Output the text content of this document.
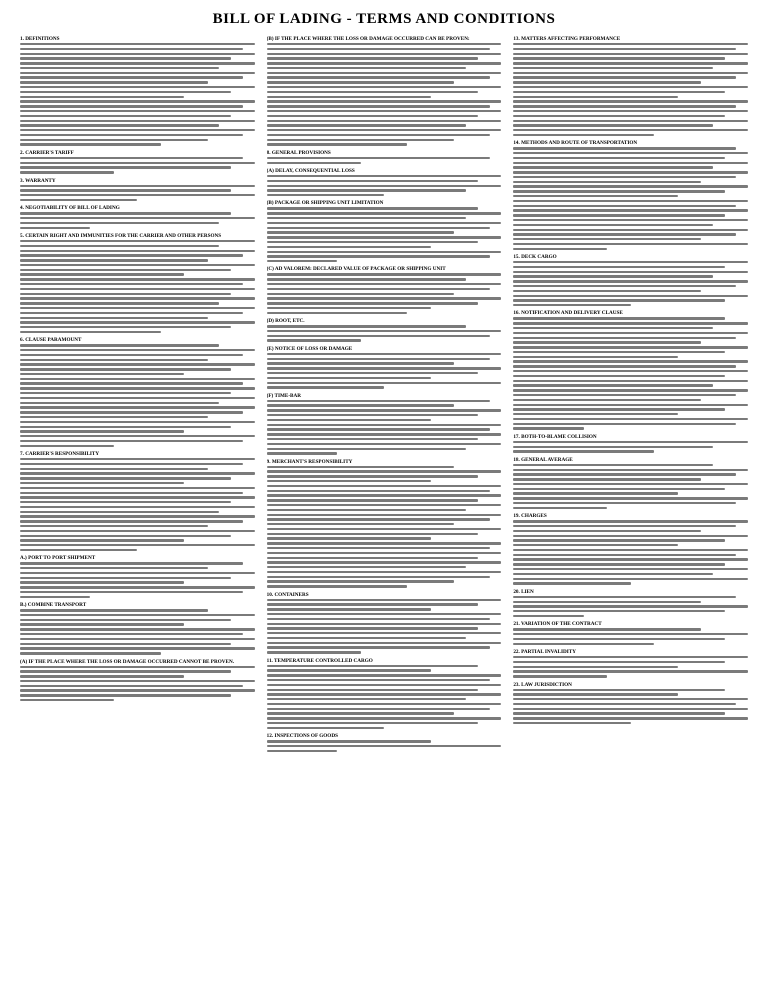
BILL OF LADING - TERMS AND CONDITIONS
1. DEFINITIONS
2. CARRIER'S TARIFF
3. WARRANTY
4. NEGOTIABILITY OF BILL OF LADING
5. CERTAIN RIGHT AND IMMUNITIES FOR THE CARRIER AND OTHER PERSONS
6. CLAUSE PARAMOUNT
7. CARRIER'S RESPONSIBILITY
A.) PORT TO PORT SHIPMENT
B.) COMBINE TRANSPORT
(A) IF THE PLACE WHERE THE LOSS OR DAMAGE OCCURRED CANNOT BE PROVEN.
(B) IF THE PLACE WHERE THE LOSS OR DAMAGE OCCURRED CAN BE PROVEN:
8. GENERAL PROVISIONS
(A) DELAY, CONSEQUENTIAL LOSS
(B) PACKAGE OR SHIPPING UNIT LIMITATION
(C) AD VALOREM: DECLARED VALUE OF PACKAGE OR SHIPPING UNIT
(D) ROOT, ETC.
(E) NOTICE OF LOSS OR DAMAGE
(F) TIME-BAR
9. MERCHANT'S RESPONSIBILITY
10. CONTAINERS
11. TEMPERATURE CONTROLLED CARGO
12. INSPECTIONS OF GOODS
13. MATTERS AFFECTING PERFORMANCE
14. METHODS AND ROUTE OF TRANSPORTATION
15. DECK CARGO
16. NOTIFICATION AND DELIVERY CLAUSE
17. BOTH-TO-BLAME COLLISION
18. GENERAL AVERAGE
19. CHARGES
20. LIEN
21. VARIATION OF THE CONTRACT
22. PARTIAL INVALIDITY
23. LAW JURISDICTION
